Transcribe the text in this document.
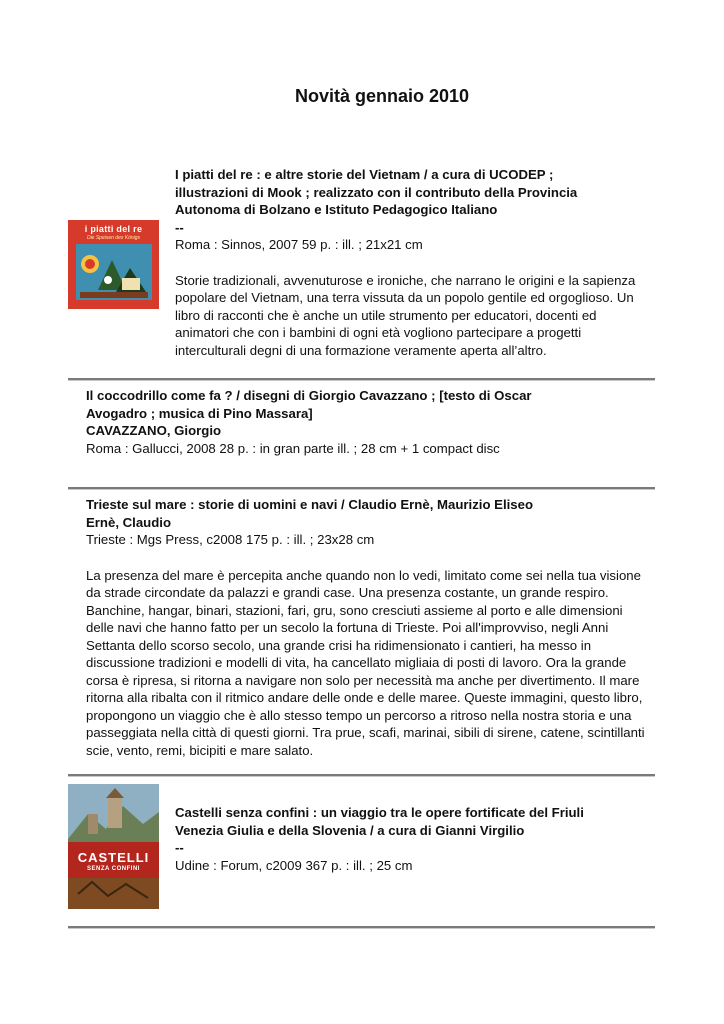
Novità gennaio 2010
i piatti del re
Die Speisen des Königs
I piatti del re : e altre storie del Vietnam / a cura di UCODEP ;
illustrazioni di Mook ; realizzato con il contributo della Provincia
Autonoma di Bolzano e Istituto Pedagogico Italiano
--
Roma : Sinnos, 2007 59 p. : ill. ; 21x21 cm
Storie tradizionali, avvenuturose e ironiche, che narrano le origini e la sapienza
popolare del Vietnam, una terra vissuta da un popolo gentile ed orgoglioso. Un
libro di racconti che è anche un utile strumento per educatori, docenti ed
animatori che con i bambini di ogni età vogliono partecipare a progetti
interculturali degni di una formazione veramente aperta all’altro.
Il coccodrillo come fa ? / disegni di Giorgio Cavazzano ; [testo di Oscar
Avogadro ; musica di Pino Massara]
CAVAZZANO, Giorgio
Roma : Gallucci, 2008 28 p. : in gran parte ill. ; 28 cm + 1 compact disc
Trieste sul mare : storie di uomini e navi / Claudio Ernè, Maurizio Eliseo
Ernè, Claudio
Trieste : Mgs Press, c2008 175 p. : ill. ; 23x28 cm
La presenza del mare è percepita anche quando non lo vedi, limitato come sei nella tua visione
da strade circondate da palazzi e grandi case. Una presenza costante, un grande respiro.
Banchine, hangar, binari, stazioni, fari, gru, sono cresciuti assieme al porto e alle dimensioni
delle navi che hanno fatto per un secolo la fortuna di Trieste. Poi all'improvviso, negli Anni
Settanta dello scorso secolo, una grande crisi ha ridimensionato i cantieri, ha messo in
discussione tradizioni e modelli di vita, ha cancellato migliaia di posti di lavoro. Ora la grande
corsa è ripresa, si ritorna a navigare non solo per necessità ma anche per divertimento. Il mare
ritorna alla ribalta con il ritmico andare delle onde e delle maree. Queste immagini, questo libro,
propongono un viaggio che è allo stesso tempo un percorso a ritroso nella nostra storia e una
passeggiata nella città di questi giorni. Tra prue, scafi, marinai, sibili di sirene, catene, scintillanti
scie, vento, remi, bicipiti e mare salato.
CASTELLI
SENZA CONFINI
Castelli senza confini : un viaggio tra le opere fortificate del Friuli
Venezia Giulia e della Slovenia / a cura di Gianni Virgilio
--
Udine : Forum, c2009 367 p. : ill. ; 25 cm
